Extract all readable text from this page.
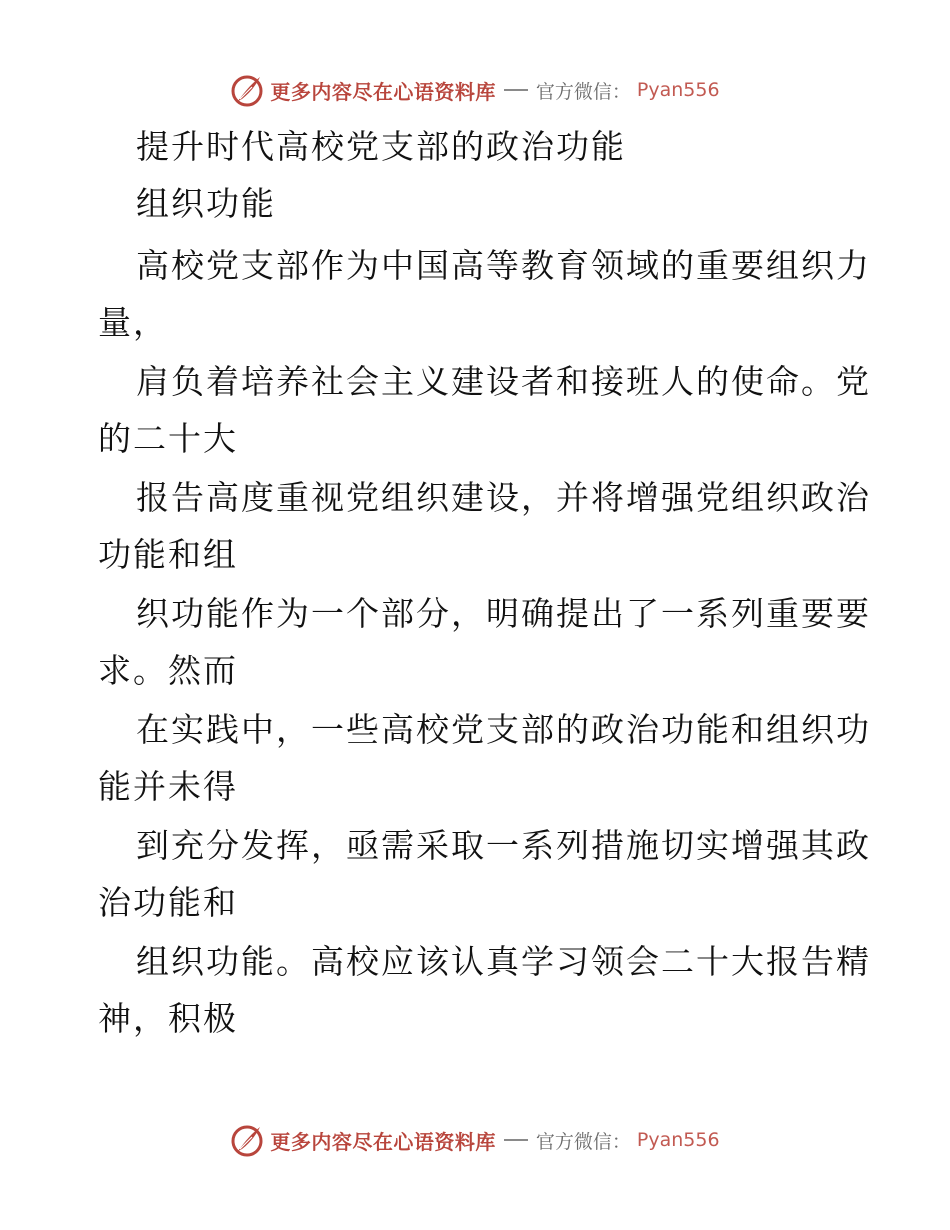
更多内容尽在心语资料库 官方微信： Pyan556
提升时代高校党支部的政治功能
组织功能
高校党支部作为中国高等教育领域的重要组织力
量，
肩负着培养社会主义建设者和接班人的使命。党
的二十大
报告高度重视党组织建设，并将增强党组织政治
功能和组
织功能作为一个部分，明确提出了一系列重要要
求。然而
在实践中，一些高校党支部的政治功能和组织功
能并未得
到充分发挥，亟需采取一系列措施切实增强其政
治功能和
组织功能。高校应该认真学习领会二十大报告精
神，积极
更多内容尽在心语资料库 官方微信： Pyan556
